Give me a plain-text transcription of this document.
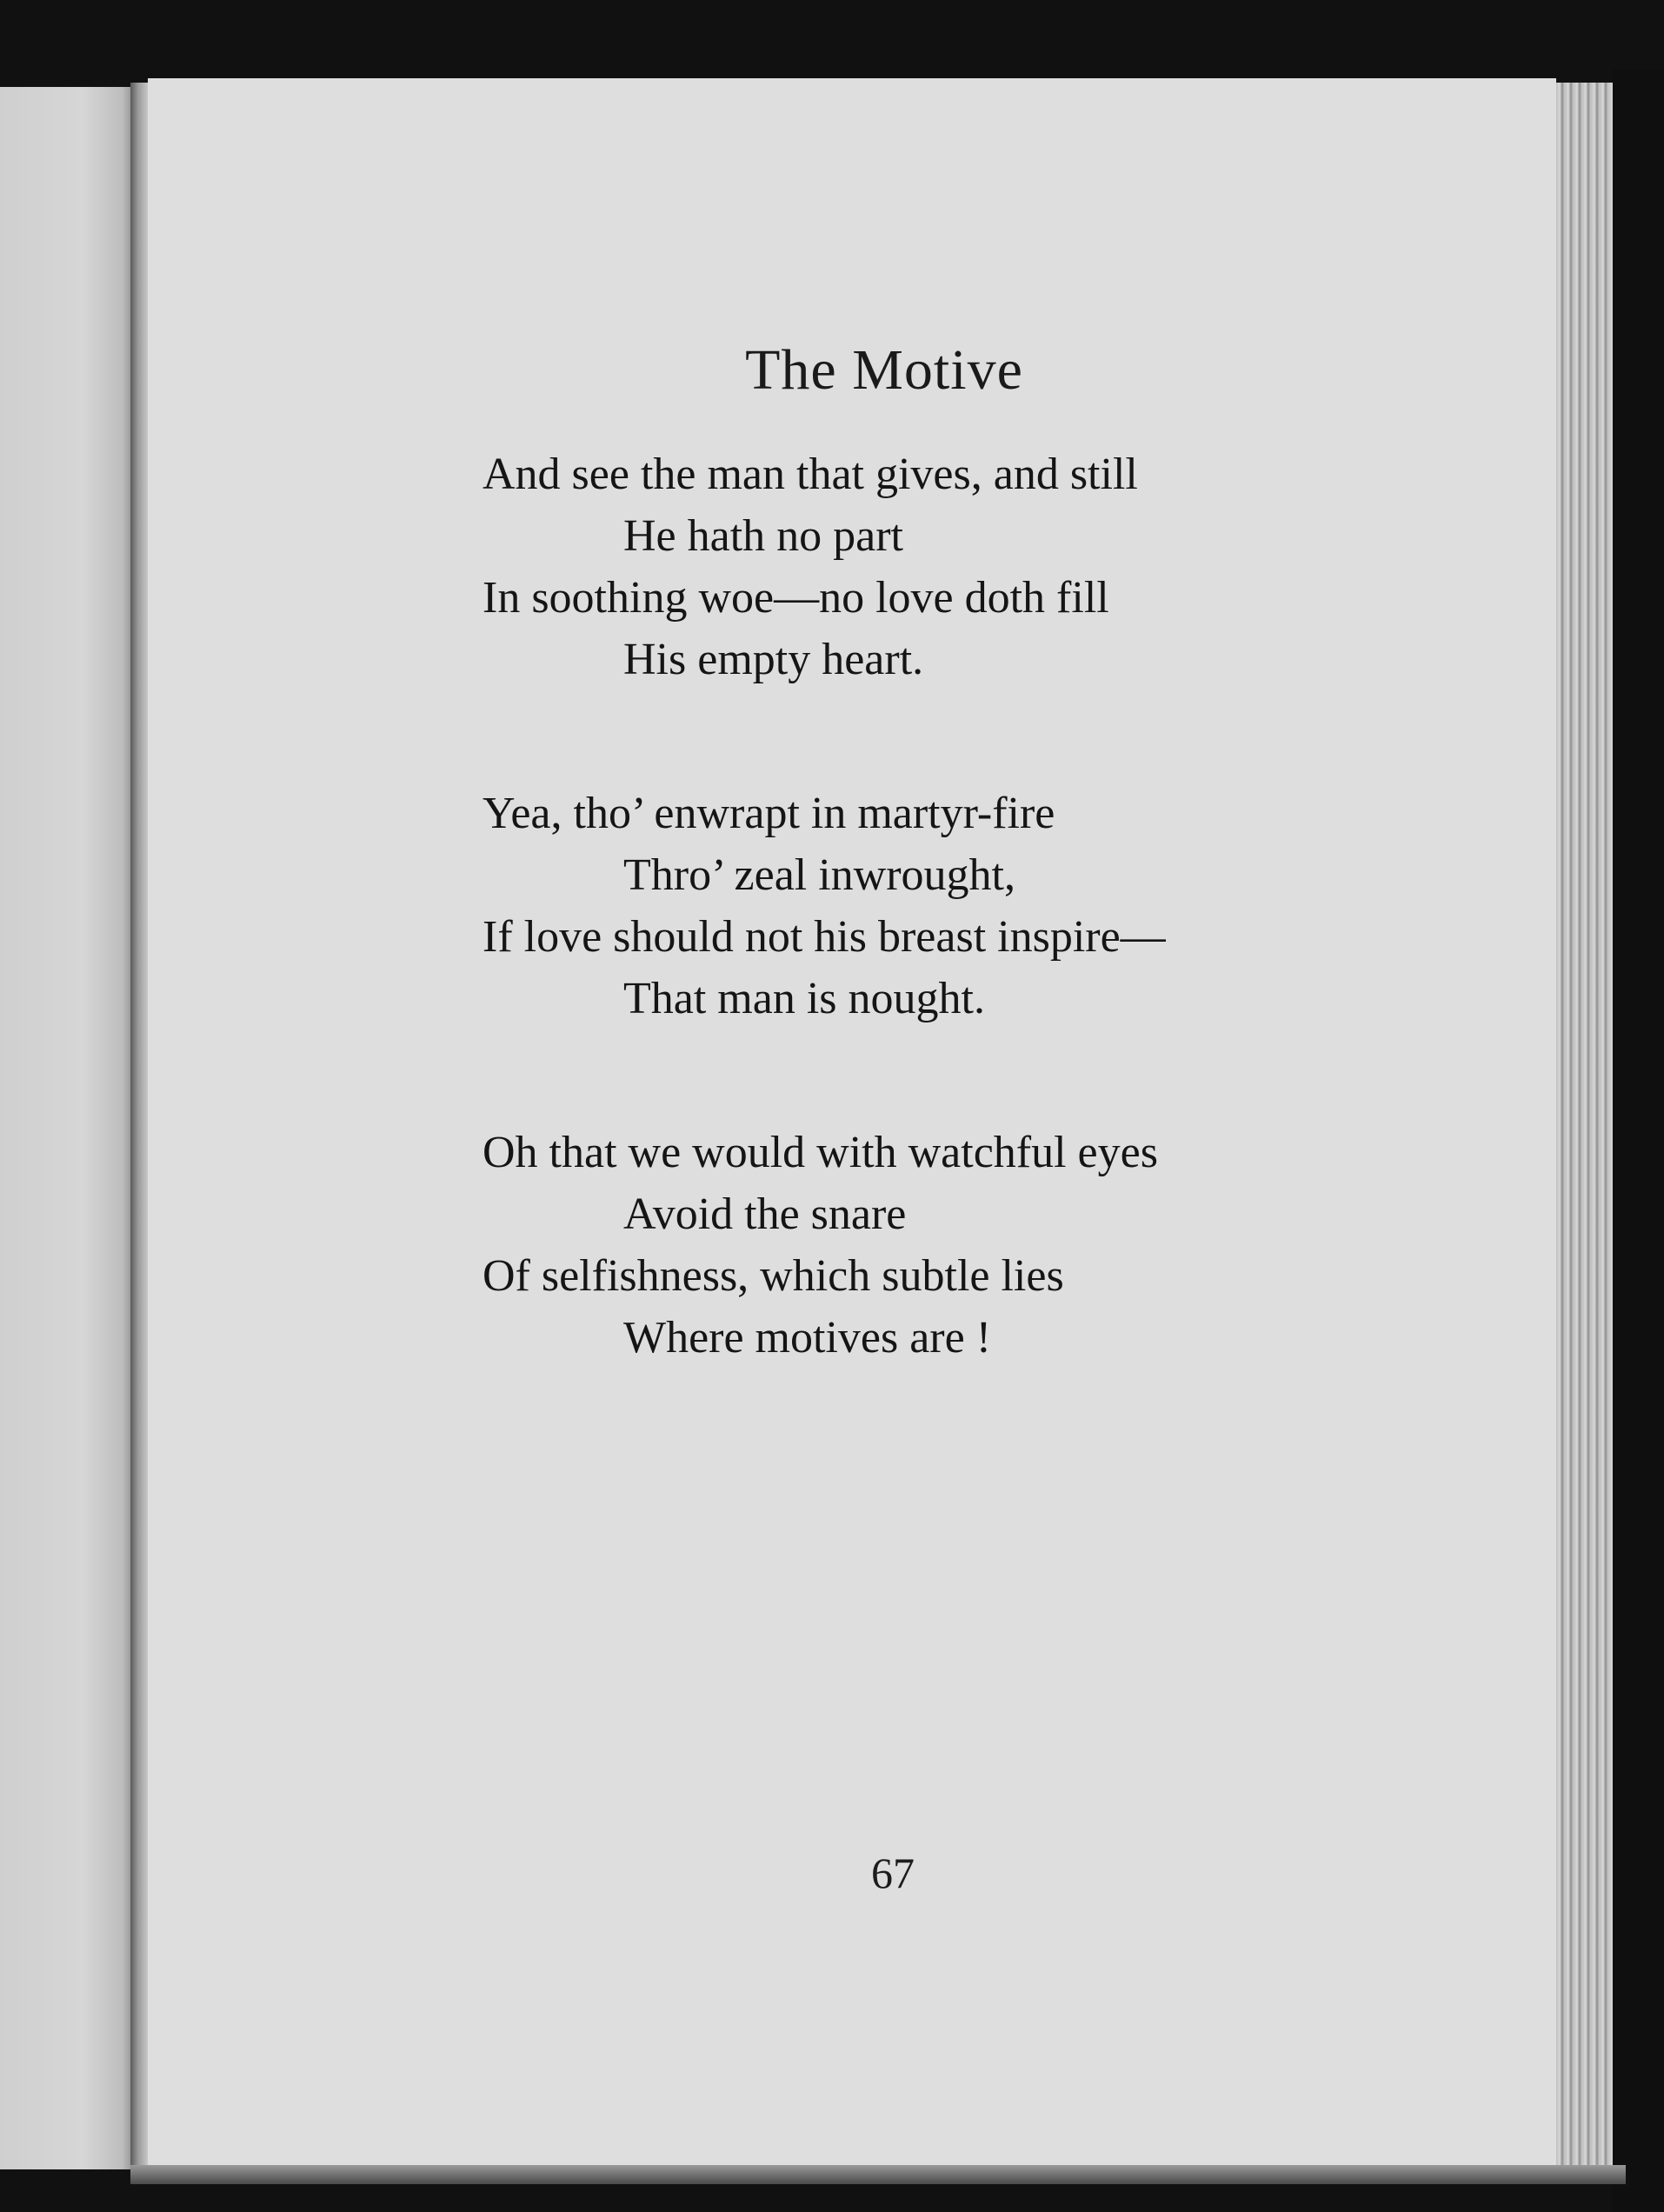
The Motive
And see the man that gives, and still
He hath no part
In soothing woe—no love doth fill
His empty heart.
Yea, tho’ enwrapt in martyr-fire
Thro’ zeal inwrought,
If love should not his breast inspire—
That man is nought.
Oh that we would with watchful eyes
Avoid the snare
Of selfishness, which subtle lies
Where motives are !
67
